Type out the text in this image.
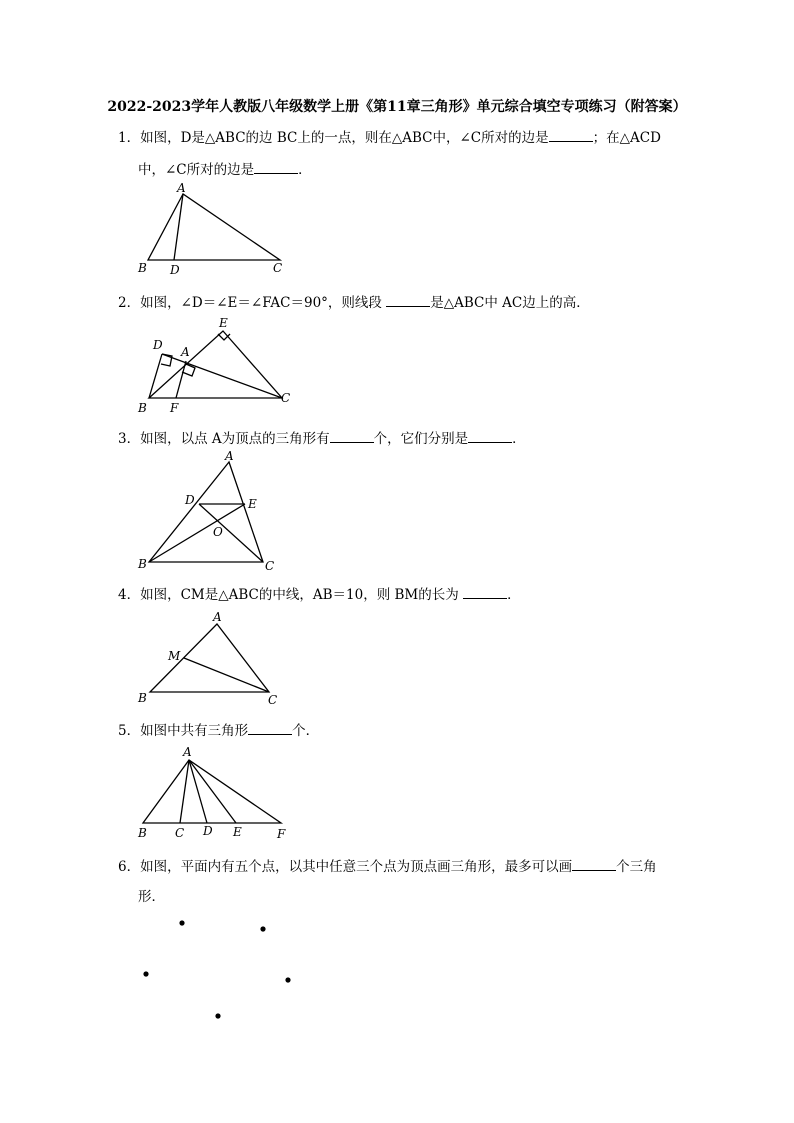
2022-2023学年人教版八年级数学上册《第11章三角形》单元综合填空专项练习（附答案）
1．如图，D是△ABC的边 BC上的一点，则在△ABC中，∠C所对的边是	；在△ACD
中，∠C所对的边是	．
A
B D	C
2．如图，∠D＝∠E＝∠FAC＝90°，则线段	是△ABC中 AC边上的高．
E
D A
B F
C
3．如图，以点 A为顶点的三角形有	个，它们分别是	．
A
D	E
O
B	C
4．如图，CM是△ABC的中线，AB＝10，则 BM的长为	．
A
M
B	C
5．如图中共有三角形	个．
A
B C D E	F
6．如图，平面内有五个点，以其中任意三个点为顶点画三角形，最多可以画	个三角
形．
